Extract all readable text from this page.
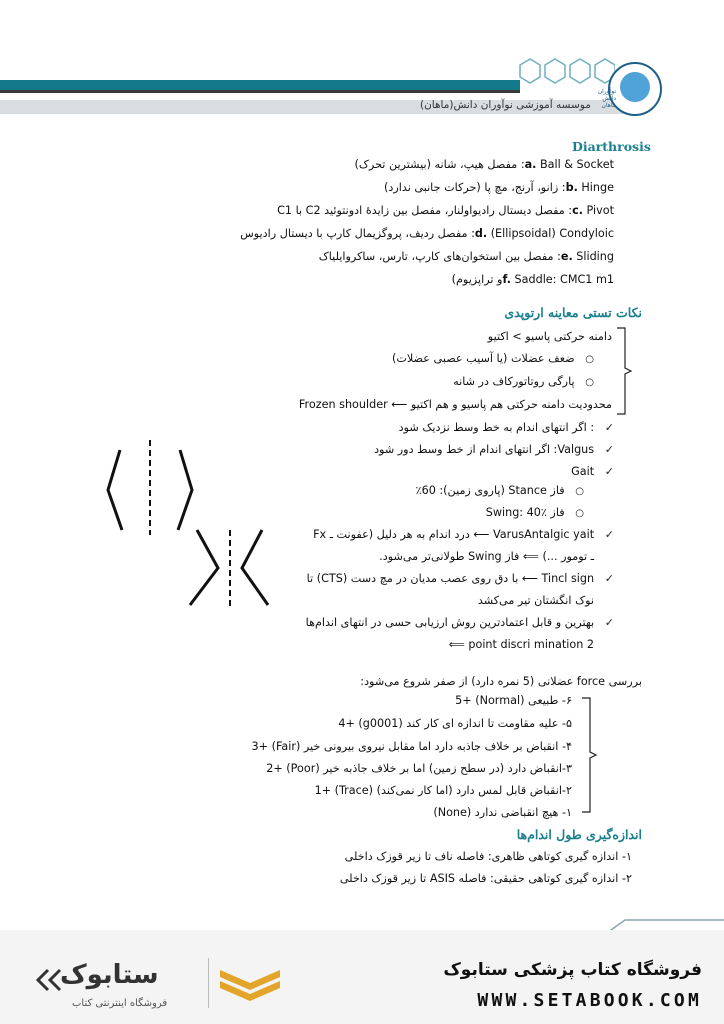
موسسه آموزشی نوآوران دانش(ماهان)
نوآوران دانش ماهان
Diarthrosis
a. Ball & Socket: مفصل هیپ، شانه (بیشترین تحرک)
b. Hinge: زانو، آرنج، مچ پا (حرکات جانبی ندارد)
c. Pivot: مفصل دیستال رادیواولنار، مفصل بین زایدهٔ ادونتوئید C2 با C1
d. (Ellipsoidal) Condyloic: مفصل ردیف، پروگزیمال کارپ با دیستال رادیوس
e. Sliding: مفصل بین استخوان‌های کارپ، تارس، ساکروایلیاک
f. Saddle: CMC1 m1و تراپزیوم)
نکات تستی معاینه ارتوپدی
دامنه حرکتی پاسیو > اکتیو
○   ضعف عضلات (یا آسیب عصبی عضلات)
○   پارگی روتاتورکاف در شانه
محدودیت دامنه حرکتی هم پاسیو و هم اکتیو ⟵ Frozen shoulder
✓   : اگر انتهای اندام به خط وسط نزدیک شود
✓   Valgus: اگر انتهای اندام از خط وسط دور شود
✓   Gait
○   فاز Stance (پاروی زمین): 60٪
○   فاز Swing: 40٪
✓   VarusAntalgic yait ⟵ درد اندام به هر دلیل (عفونت ـ Fx
ـ تومور ...) ⟸ فاز Swing طولانی‌تر می‌شود.
✓   Tincl sign ⟵ با دق روی عصب مدیان در مچ دست (CTS) تا
نوک انگشتان تیر می‌کشد
✓   بهترین و قابل اعتمادترین روش ارزیابی حسی در انتهای اندام‌ها
2 point discri mination ⟸
بررسی force عضلانی (5 نمره دارد) از صفر شروع می‌شود:
۶- طبیعی (Normal) +5
۵- علیه مقاومت تا اندازه ای کار کند (g0001) +4
۴- انقباض بر خلاف جاذبه دارد اما مقابل نیروی بیرونی خیر (Fair) +3
۳-انقباض دارد (در سطح زمین) اما بر خلاف جاذبه خیر (Poor) +2
۲-انقباض قابل لمس دارد (اما کار نمی‌کند) (Trace) +1
۱- هیچ انقباضی ندارد (None)
اندازه‌گیری طول اندام‌ها
۱- اندازه گیری کوتاهی ظاهری: فاصله ناف تا زیر قوزک داخلی
۲- اندازه گیری کوتاهی حقیقی: فاصله ASIS تا زیر قوزک داخلی
فروشگاه کتاب پزشکی ستابوک
WWW.SETABOOK.COM
ستابوک
فروشگاه اینترنتی کتاب
